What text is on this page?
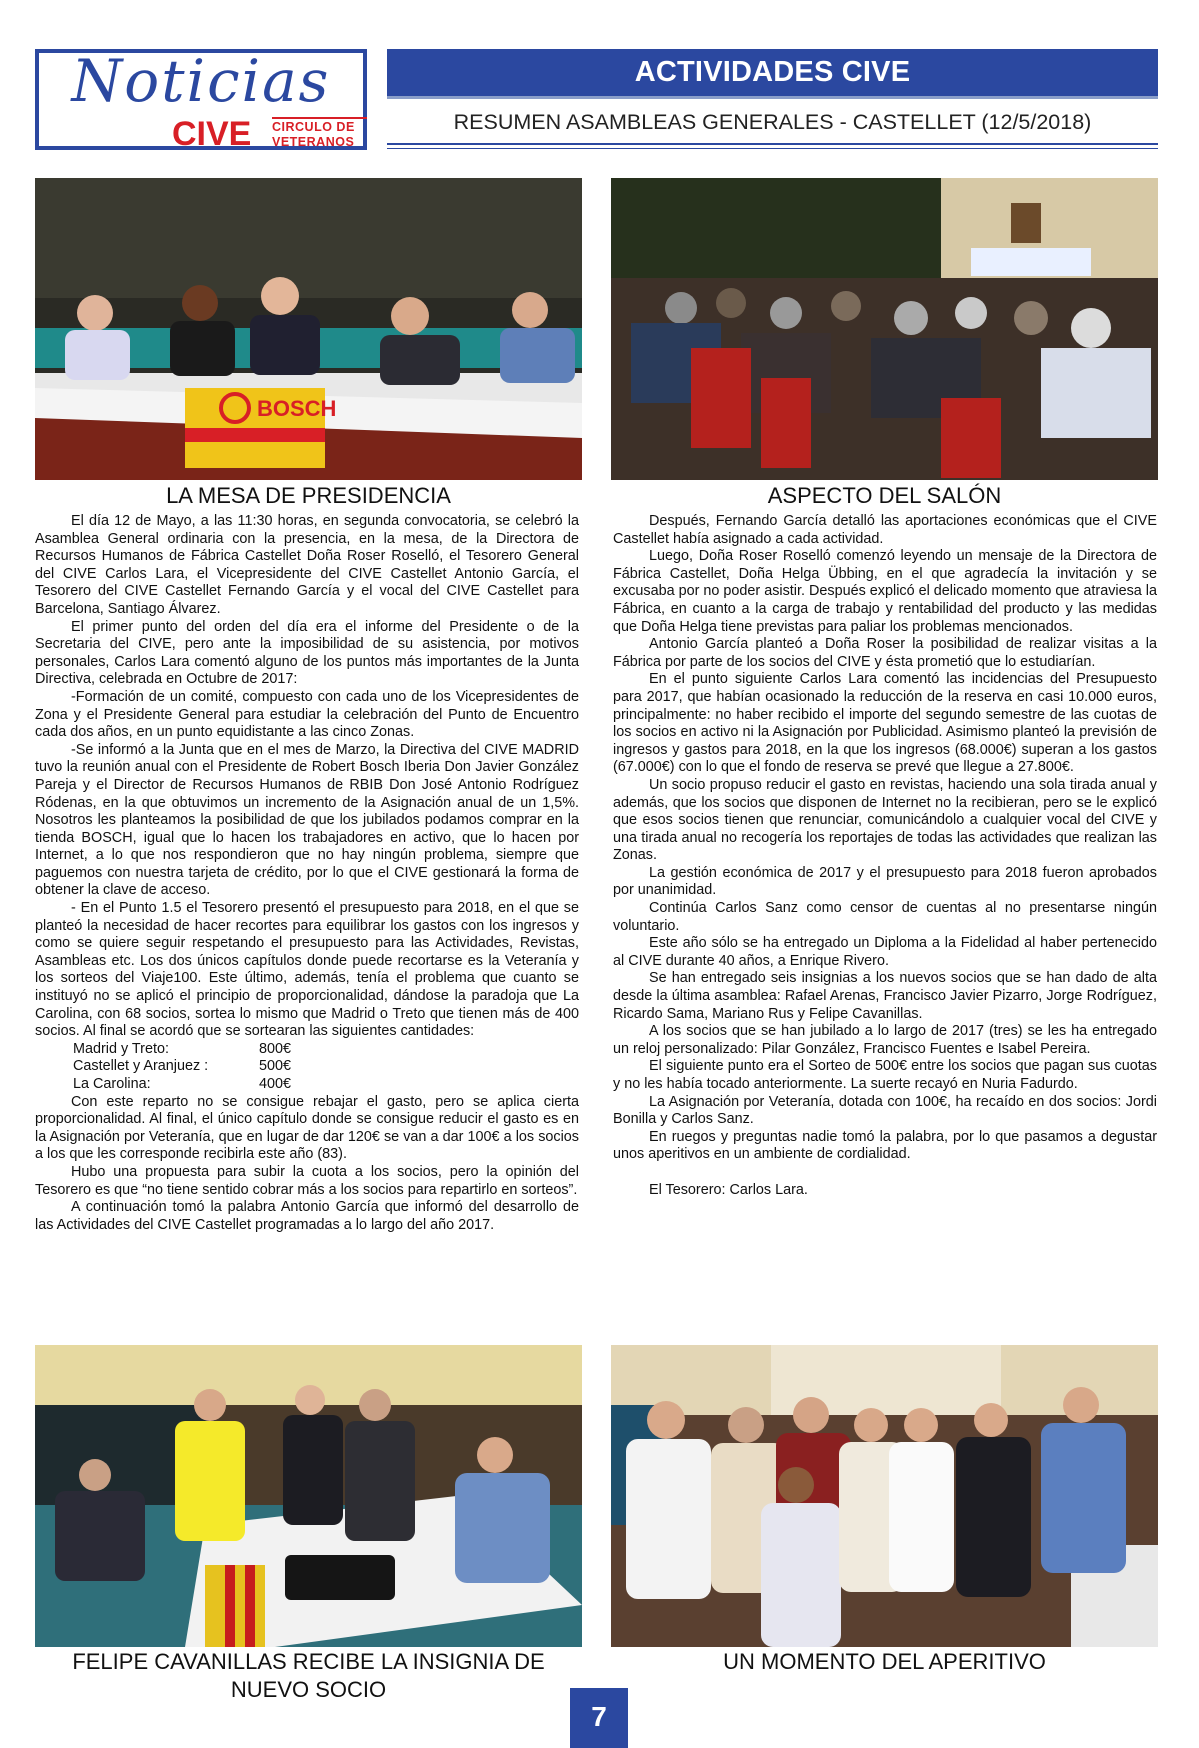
Noticias
CIVE CIRCULO DE
VETERANOS
ACTIVIDADES CIVE
RESUMEN ASAMBLEAS GENERALES - CASTELLET (12/5/2018)
BOSCH
LA MESA DE PRESIDENCIA	ASPECTO DEL SALÓN

El día 12 de Mayo, a las 11:30 horas, en segunda convocatoria, se celebró la Asamblea General ordinaria con la presencia, en la mesa, de la Directora de Recursos Humanos de Fábrica Castellet Doña Roser Roselló, el Tesorero General del CIVE Carlos Lara, el Vicepresidente del CIVE Castellet Antonio García, el Tesorero del CIVE Castellet Fernando García y el vocal del CIVE Castellet para Barcelona, Santiago Álvarez.

El primer punto del orden del día era el informe del Presidente o de la Secretaria del CIVE, pero ante la imposibilidad de su asistencia, por motivos personales, Carlos Lara comentó alguno de los puntos más importantes de la Junta Directiva, celebrada en Octubre de 2017:

-Formación de un comité, compuesto con cada uno de los Vicepresidentes de Zona y el Presidente General para estudiar la celebración del Punto de Encuentro cada dos años, en un punto equidistante a las cinco Zonas.

-Se informó a la Junta que en el mes de Marzo, la Directiva del CIVE MADRID tuvo la reunión anual con el Presidente de Robert Bosch Iberia Don Javier González Pareja y el Director de Recursos Humanos de RBIB Don José Antonio Rodríguez Ródenas, en la que obtuvimos un incremento de la Asignación anual de un 1,5%. Nosotros les planteamos la posibilidad de que los jubilados podamos comprar en la tienda BOSCH, igual que lo hacen los trabajadores en activo, que lo hacen por Internet, a lo que nos respondieron que no hay ningún problema, siempre que paguemos con nuestra tarjeta de crédito, por lo que el CIVE gestionará la forma de obtener la clave de acceso.

- En el Punto 1.5 el Tesorero presentó el presupuesto para 2018, en el que se planteó la necesidad de hacer recortes para equilibrar los gastos con los ingresos y como se quiere seguir respetando el presupuesto para las Actividades, Revistas, Asambleas etc. Los dos únicos capítulos donde puede recortarse es la Veteranía y los sorteos del Viaje100. Este último, además, tenía el problema que cuanto se instituyó no se aplicó el principio de proporcionalidad, dándose la paradoja que La Carolina, con 68 socios, sortea lo mismo que Madrid o Treto que tienen más de 400 socios. Al final se acordó que se sortearan las siguientes cantidades:

Madrid y Treto:	800€
Castellet y Aranjuez :	500€
La Carolina:	400€

Con este reparto no se consigue rebajar el gasto, pero se aplica cierta proporcionalidad. Al final, el único capítulo donde se consigue reducir el gasto es en la Asignación por Veteranía, que en lugar de dar 120€ se van a dar 100€ a los socios a los que les corresponde recibirla este año (83).

Hubo una propuesta para subir la cuota a los socios, pero la opinión del Tesorero es que “no tiene sentido cobrar más a los socios para repartirlo en sorteos”.

A continuación tomó la palabra Antonio García que informó del desarrollo de las Actividades del CIVE Castellet programadas a lo largo del año 2017.

Después, Fernando García detalló las aportaciones económicas que el CIVE Castellet había asignado a cada actividad.

Luego, Doña Roser Roselló comenzó leyendo un mensaje de la Directora de Fábrica Castellet, Doña Helga Übbing, en el que agradecía la invitación y se excusaba por no poder asistir. Después explicó el delicado momento que atraviesa la Fábrica, en cuanto a la carga de trabajo y rentabilidad del producto y las medidas que Doña Helga tiene previstas para paliar los problemas mencionados.

Antonio García planteó a Doña Roser la posibilidad de realizar visitas a la Fábrica por parte de los socios del CIVE y ésta prometió que lo estudiarían.

En el punto siguiente Carlos Lara comentó las incidencias del Presupuesto para 2017, que habían ocasionado la reducción de la reserva en casi 10.000 euros, principalmente: no haber recibido el importe del segundo semestre de las cuotas de los socios en activo ni la Asignación por Publicidad. Asimismo planteó la previsión de ingresos y gastos para 2018, en la que los ingresos (68.000€) superan a los gastos (67.000€) con lo que el fondo de reserva se prevé que llegue a 27.800€.

Un socio propuso reducir el gasto en revistas, haciendo una sola tirada anual y además, que los socios que disponen de Internet no la recibieran, pero se le explicó que esos socios tienen que renunciar, comunicándolo a cualquier vocal del CIVE y una tirada anual no recogería los reportajes de todas las actividades que realizan las Zonas.

La gestión económica de 2017 y el presupuesto para 2018 fueron aprobados por unanimidad.

Continúa Carlos Sanz como censor de cuentas al no presentarse ningún voluntario.

Este año sólo se ha entregado un Diploma a la Fidelidad al haber pertenecido al CIVE durante 40 años, a Enrique Rivero.

Se han entregado seis insignias a los nuevos socios que se han dado de alta desde la última asamblea: Rafael Arenas, Francisco Javier Pizarro, Jorge Rodríguez, Ricardo Sama, Mariano Rus y Felipe Cavanillas.

A los socios que se han jubilado a lo largo de 2017 (tres) se les ha entregado un reloj personalizado: Pilar González, Francisco Fuentes e Isabel Pereira.

El siguiente punto era el Sorteo de 500€ entre los socios que pagan sus cuotas y no les había tocado anteriormente. La suerte recayó en Nuria Fadurdo.

La Asignación por Veteranía, dotada con 100€, ha recaído en dos socios: Jordi Bonilla y Carlos Sanz.

En ruegos y preguntas nadie tomó la palabra, por lo que pasamos a degustar unos aperitivos en un ambiente de cordialidad.

El Tesorero: Carlos Lara.

FELIPE CAVANILLAS RECIBE LA INSIGNIA DE
NUEVO SOCIO
UN MOMENTO DEL APERITIVO
7
